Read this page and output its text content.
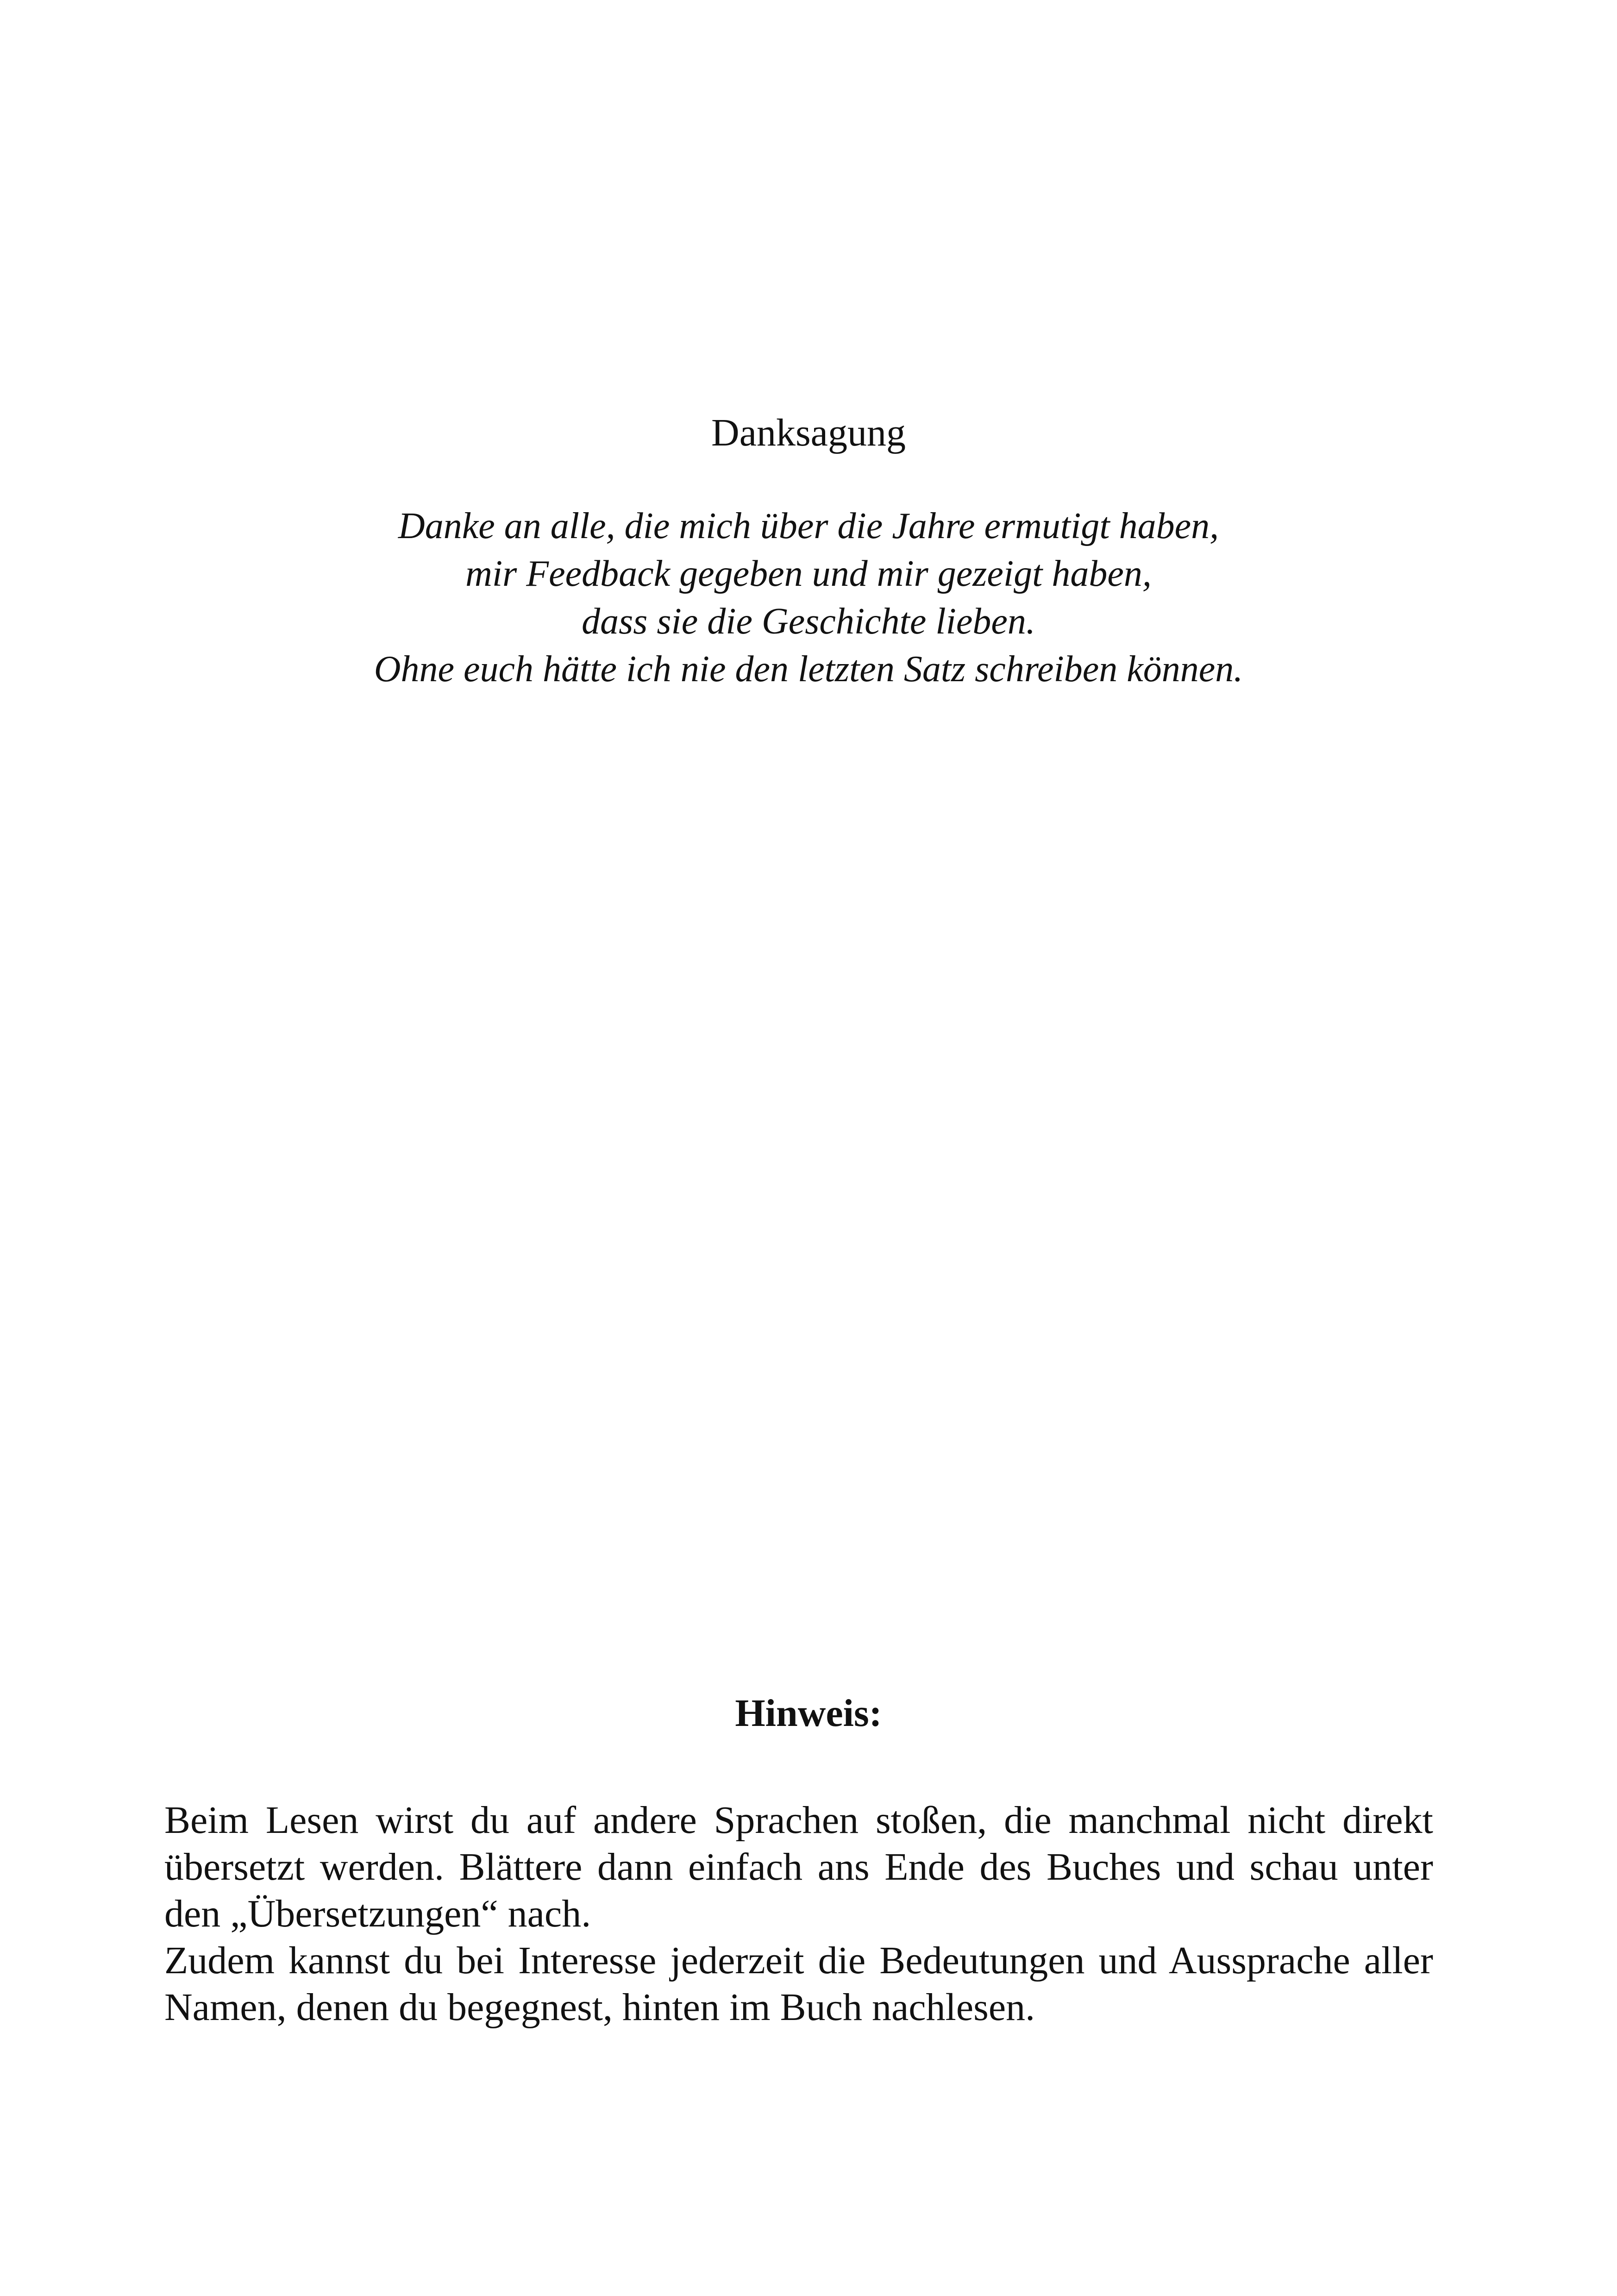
Danksagung
Danke an alle, die mich über die Jahre ermutigt haben,
mir Feedback gegeben und mir gezeigt haben,
dass sie die Geschichte lieben.
Ohne euch hätte ich nie den letzten Satz schreiben können.
Hinweis:

Beim Lesen wirst du auf andere Sprachen stoßen, die manchmal nicht direkt übersetzt werden. Blättere dann einfach ans Ende des Buches und schau unter den „Übersetzungen“ nach.

Zudem kannst du bei Interesse jederzeit die Bedeutungen und Aussprache aller Namen, denen du begegnest, hinten im Buch nachlesen.
